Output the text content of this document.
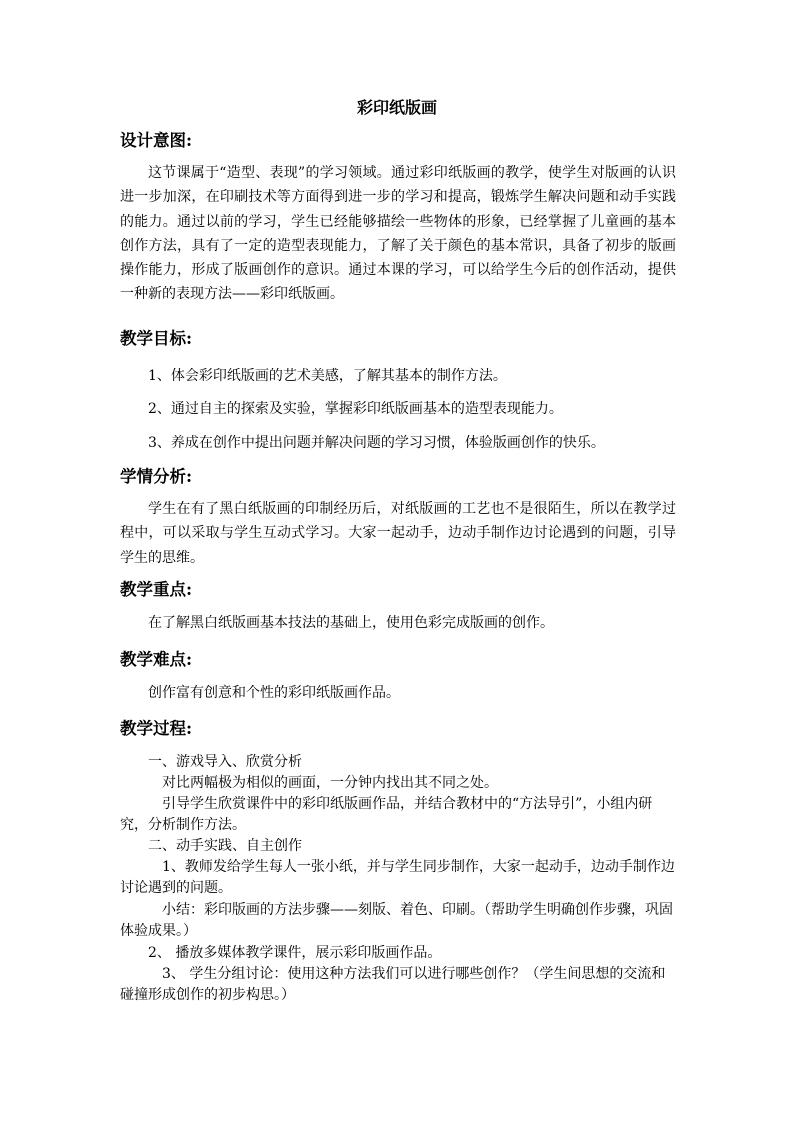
彩印纸版画
设计意图:
这节课属于“造型、表现”的学习领域。通过彩印纸版画的教学，使学生对版画的认识进一步加深，在印刷技术等方面得到进一步的学习和提高，锻炼学生解决问题和动手实践的能力。通过以前的学习，学生已经能够描绘一些物体的形象，已经掌握了儿童画的基本创作方法，具有了一定的造型表现能力，了解了关于颜色的基本常识，具备了初步的版画操作能力，形成了版画创作的意识。通过本课的学习，可以给学生今后的创作活动，提供一种新的表现方法——彩印纸版画。
教学目标:
1、体会彩印纸版画的艺术美感，了解其基本的制作方法。
2、通过自主的探索及实验，掌握彩印纸版画基本的造型表现能力。
3、养成在创作中提出问题并解决问题的学习习惯，体验版画创作的快乐。
学情分析:
学生在有了黑白纸版画的印制经历后，对纸版画的工艺也不是很陌生，所以在教学过程中，可以采取与学生互动式学习。大家一起动手，边动手制作边讨论遇到的问题，引导学生的思维。
教学重点:
在了解黑白纸版画基本技法的基础上，使用色彩完成版画的创作。
教学难点:
创作富有创意和个性的彩印纸版画作品。
教学过程:
一、游戏导入、欣赏分析
对比两幅极为相似的画面，一分钟内找出其不同之处。
引导学生欣赏课件中的彩印纸版画作品，并结合教材中的“方法导引”，小组内研究，分析制作方法。
二、动手实践、自主创作
1、教师发给学生每人一张小纸，并与学生同步制作，大家一起动手，边动手制作边讨论遇到的问题。
小结：彩印版画的方法步骤——刻版、着色、印刷。（帮助学生明确创作步骤，巩固体验成果。）
2、 播放多媒体教学课件，展示彩印版画作品。
3、 学生分组讨论：使用这种方法我们可以进行哪些创作？（学生间思想的交流和碰撞形成创作的初步构思。）
